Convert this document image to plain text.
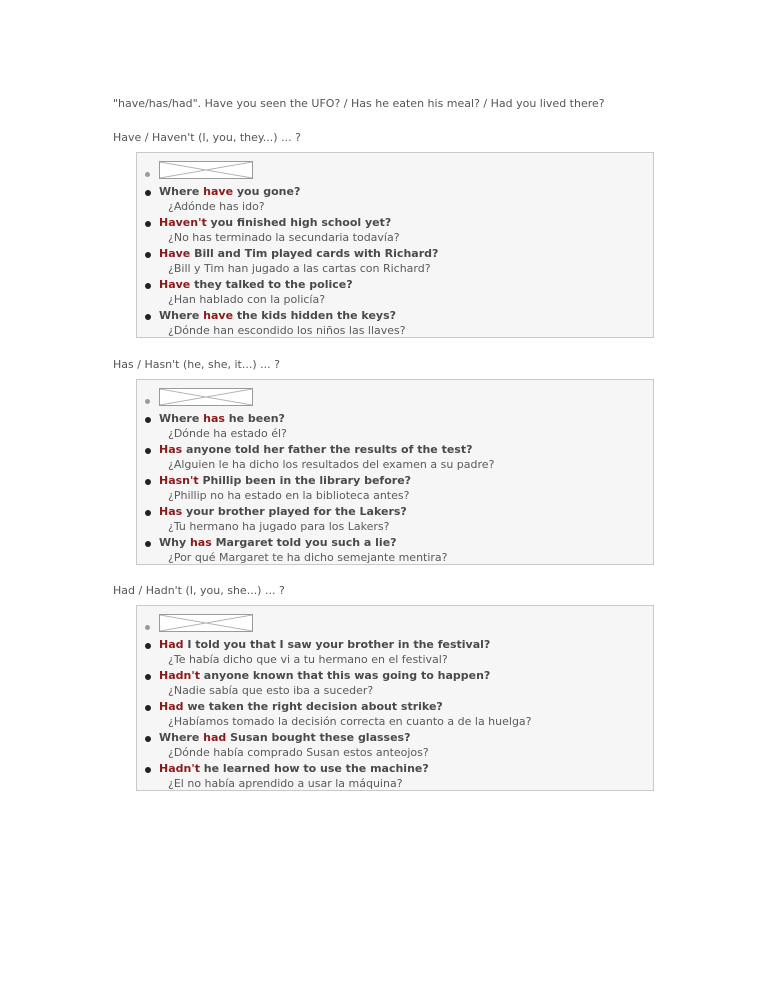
"have/has/had". Have you seen the UFO? / Has he eaten his meal? / Had you lived there?

Have / Haven't (I, you, they...) ... ?

Where have you gone?
¿Adónde has ido?
Haven't you finished high school yet?
¿No has terminado la secundaria todavía?
Have Bill and Tim played cards with Richard?
¿Bill y Tim han jugado a las cartas con Richard?
Have they talked to the police?
¿Han hablado con la policía?
Where have the kids hidden the keys?
¿Dónde han escondido los niños las llaves?

Has / Hasn't (he, she, it...) ... ?

Where has he been?
¿Dónde ha estado él?
Has anyone told her father the results of the test?
¿Alguien le ha dicho los resultados del examen a su padre?
Hasn't Phillip been in the library before?
¿Phillip no ha estado en la biblioteca antes?
Has your brother played for the Lakers?
¿Tu hermano ha jugado para los Lakers?
Why has Margaret told you such a lie?
¿Por qué Margaret te ha dicho semejante mentira?

Had / Hadn't (I, you, she...) ... ?

Had I told you that I saw your brother in the festival?
¿Te había dicho que vi a tu hermano en el festival?
Hadn't anyone known that this was going to happen?
¿Nadie sabía que esto iba a suceder?
Had we taken the right decision about strike?
¿Habíamos tomado la decisión correcta en cuanto a de la huelga?
Where had Susan bought these glasses?
¿Dónde había comprado Susan estos anteojos?
Hadn't he learned how to use the machine?
¿El no había aprendido a usar la máquina?
